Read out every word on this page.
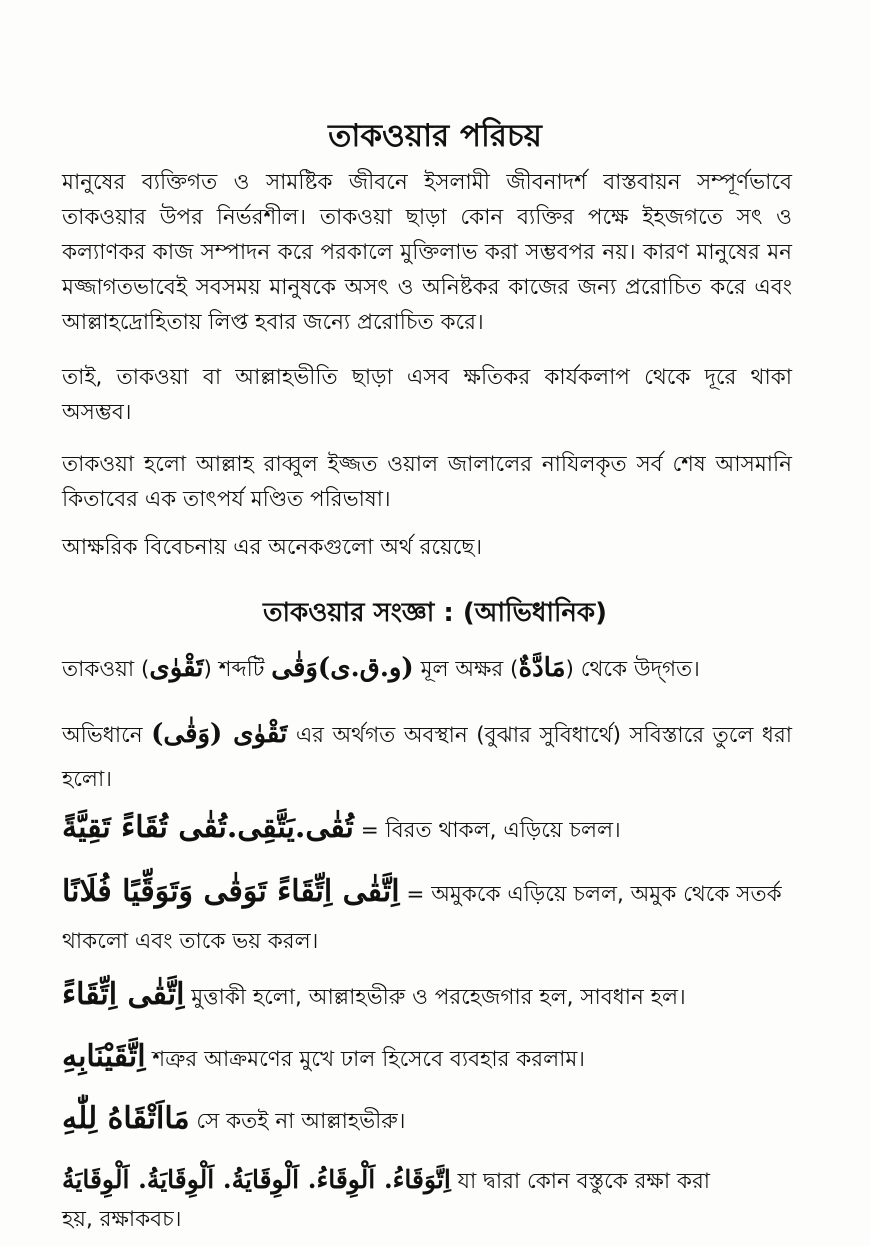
তাকওয়ার পরিচয়
মানুষের ব্যক্তিগত ও সামষ্টিক জীবনে ইসলামী জীবনাদর্শ বাস্তবায়ন সম্পূর্ণভাবে তাকওয়ার উপর নির্ভরশীল। তাকওয়া ছাড়া কোন ব্যক্তির পক্ষে ইহজগতে সৎ ও কল্যাণকর কাজ সম্পাদন করে পরকালে মুক্তিলাভ করা সম্ভবপর নয়। কারণ মানুষের মন মজ্জাগতভাবেই সবসময় মানুষকে অসৎ ও অনিষ্টকর কাজের জন্য প্ররোচিত করে এবং আল্লাহদ্রোহিতায় লিপ্ত হবার জন্যে প্ররোচিত করে।
তাই, তাকওয়া বা আল্লাহভীতি ছাড়া এসব ক্ষতিকর কার্যকলাপ থেকে দূরে থাকা অসম্ভব।
তাকওয়া হলো আল্লাহ রাব্বুল ইজ্জত ওয়াল জালালের নাযিলকৃত সর্ব শেষ আসমানি কিতাবের এক তাৎপর্য মণ্ডিত পরিভাষা।
আক্ষরিক বিবেচনায় এর অনেকগুলো অর্থ রয়েছে।
তাকওয়ার সংজ্ঞা : (আভিধানিক)
তাকওয়া (تَقْوٰى) শব্দটি (و.ق.ى)وَقٰى মূল অক্ষর (مَادَّةٌ) থেকে উদ্‌গত।
অভিধানে تَقْوٰى (وَقٰى) এর অর্থগত অবস্থান (বুঝার সুবিধার্থে) সবিস্তারে তুলে ধরা হলো।
تُقٰى.يَتَّقِى.تُقٰى تُقَاءً تَقِيَّةً = বিরত থাকল, এড়িয়ে চলল।
اِتَّقٰى اِتِّقَاءً تَوَقٰى وَتَوَقِّيًا فُلَانًا = অমুককে এড়িয়ে চলল, অমুক থেকে সতর্ক
থাকলো এবং তাকে ভয় করল।
اِتَّقٰى اِتِّقَاءً মুত্তাকী হলো, আল্লাহভীরু ও পরহেজগার হল, সাবধান হল।
اِتَّقَيْنَابِهِ শত্রুর আক্রমণের মুখে ঢাল হিসেবে ব্যবহার করলাম।
مَااَتْقَاهُ لِلّٰهِ সে কতই না আল্লাহভীরু।
اِتَّوَقَاءُ. اَلْوِقَاءُ. اَلْوِقَايَةُ. اَلْوِقَايَةُ. اَلْوِقَايَةُ যা দ্বারা কোন বস্তুকে রক্ষা করা
হয়, রক্ষাকবচ।
